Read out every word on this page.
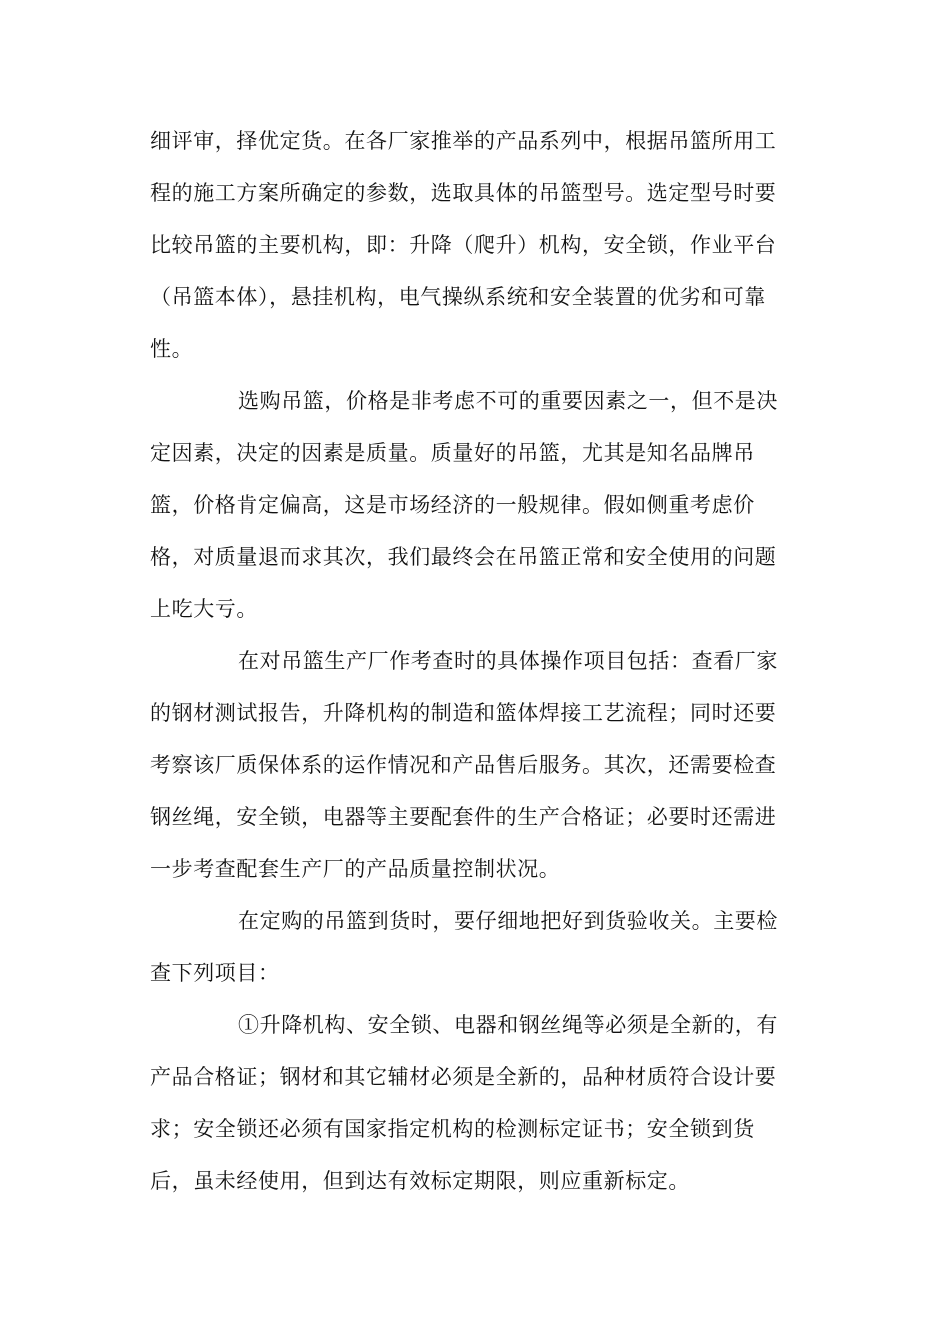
细评审，择优定货。在各厂家推举的产品系列中，根据吊篮所用工

程的施工方案所确定的参数，选取具体的吊篮型号。选定型号时要

比较吊篮的主要机构，即：升降（爬升）机构，安全锁，作业平台

（吊篮本体），悬挂机构，电气操纵系统和安全装置的优劣和可靠

性。

选购吊篮，价格是非考虑不可的重要因素之一，但不是决

定因素，决定的因素是质量。质量好的吊篮，尤其是知名品牌吊

篮，价格肯定偏高，这是市场经济的一般规律。假如侧重考虑价

格，对质量退而求其次，我们最终会在吊篮正常和安全使用的问题

上吃大亏。

在对吊篮生产厂作考查时的具体操作项目包括：查看厂家

的钢材测试报告，升降机构的制造和篮体焊接工艺流程；同时还要

考察该厂质保体系的运作情况和产品售后服务。其次，还需要检查

钢丝绳，安全锁，电器等主要配套件的生产合格证；必要时还需进

一步考查配套生产厂的产品质量控制状况。

在定购的吊篮到货时，要仔细地把好到货验收关。主要检

查下列项目：

①升降机构、安全锁、电器和钢丝绳等必须是全新的，有

产品合格证；钢材和其它辅材必须是全新的，品种材质符合设计要

求；安全锁还必须有国家指定机构的检测标定证书；安全锁到货

后，虽未经使用，但到达有效标定期限，则应重新标定。
